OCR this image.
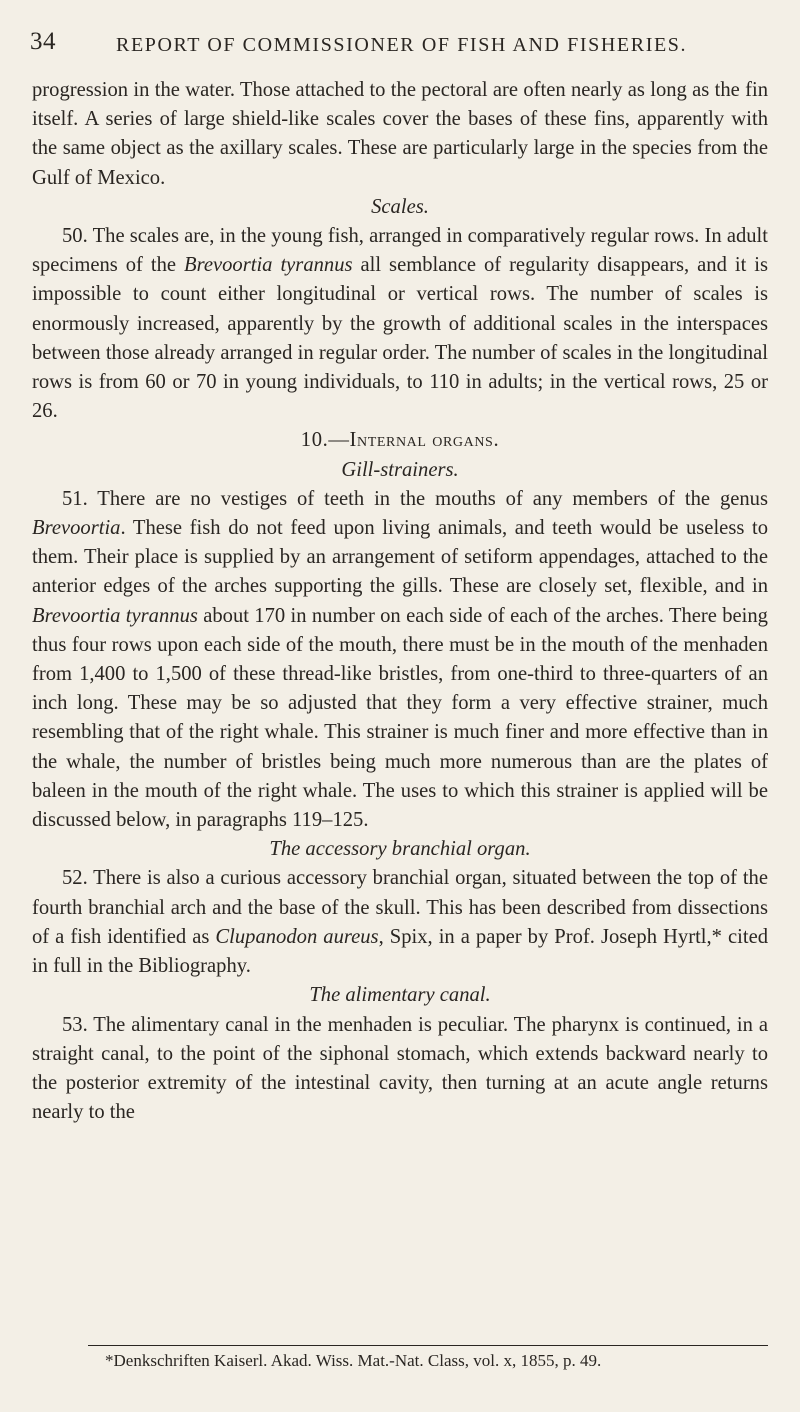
34	REPORT OF COMMISSIONER OF FISH AND FISHERIES.

progression in the water. Those attached to the pectoral are often nearly as long as the fin itself. A series of large shield-like scales cover the bases of these fins, apparently with the same object as the axillary scales. These are particularly large in the species from the Gulf of Mexico.

Scales.

50. The scales are, in the young fish, arranged in comparatively regular rows. In adult specimens of the Brevoortia tyrannus all semblance of regularity disappears, and it is impossible to count either longitudinal or vertical rows. The number of scales is enormously increased, apparently by the growth of additional scales in the interspaces between those already arranged in regular order. The number of scales in the longitudinal rows is from 60 or 70 in young individuals, to 110 in adults; in the vertical rows, 25 or 26.

10.—Internal organs.

Gill-strainers.

51. There are no vestiges of teeth in the mouths of any members of the genus Brevoortia. These fish do not feed upon living animals, and teeth would be useless to them. Their place is supplied by an arrangement of setiform appendages, attached to the anterior edges of the arches supporting the gills. These are closely set, flexible, and in Brevoortia tyrannus about 170 in number on each side of each of the arches. There being thus four rows upon each side of the mouth, there must be in the mouth of the menhaden from 1,400 to 1,500 of these thread-like bristles, from one-third to three-quarters of an inch long. These may be so adjusted that they form a very effective strainer, much resembling that of the right whale. This strainer is much finer and more effective than in the whale, the number of bristles being much more numerous than are the plates of baleen in the mouth of the right whale. The uses to which this strainer is applied will be discussed below, in paragraphs 119–125.

The accessory branchial organ.

52. There is also a curious accessory branchial organ, situated between the top of the fourth branchial arch and the base of the skull. This has been described from dissections of a fish identified as Clupanodon aureus, Spix, in a paper by Prof. Joseph Hyrtl,* cited in full in the Bibliography.

The alimentary canal.

53. The alimentary canal in the menhaden is peculiar. The pharynx is continued, in a straight canal, to the point of the siphonal stomach, which extends backward nearly to the posterior extremity of the intestinal cavity, then turning at an acute angle returns nearly to the

*Denkschriften Kaiserl. Akad. Wiss. Mat.-Nat. Class, vol. x, 1855, p. 49.
